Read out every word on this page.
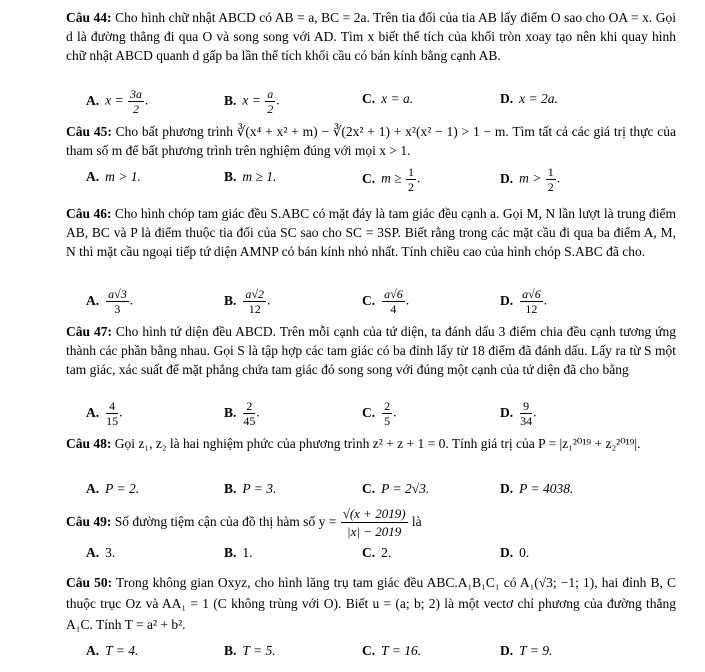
Câu 44: Cho hình chữ nhật ABCD có AB = a, BC = 2a. Trên tia đối của tia AB lấy điểm O sao cho OA = x. Gọi d là đường thẳng đi qua O và song song với AD. Tìm x biết thể tích của khối tròn xoay tạo nên khi quay hình chữ nhật ABCD quanh d gấp ba lần thể tích khối cầu có bán kính bằng cạnh AB.
A. $x = \frac{3a}{2}$ .	B. $x = \frac{a}{2}$ .	C. x = a.	D. x = 2a.
Câu 45: Cho bất phương trình ∛(x⁴ + x² + m) − ∛(2x² + 1) + x²(x² − 1) > 1 − m. Tìm tất cả các giá trị thực của tham số m để bất phương trình trên nghiệm đúng với mọi x > 1.
A. m > 1.	B. m ≥ 1.	C. $m \ge \frac{1}{2}$ .	D. $m > \frac{1}{2}$ .
Câu 46: Cho hình chóp tam giác đều S.ABC có mặt đáy là tam giác đều cạnh a. Gọi M, N lần lượt là trung điểm AB, BC và P là điểm thuộc tia đối của SC sao cho SC = 3SP. Biết rằng trong các mặt cầu đi qua ba điểm A, M, N thì mặt cầu ngoại tiếp tứ diện AMNP có bán kính nhỏ nhất. Tính chiều cao của hình chóp S.ABC đã cho.
A. $\frac{a√3}{3}$ .	B. $\frac{a√2}{12}$ .	C. $\frac{a√6}{4}$ .	D. $\frac{a√6}{12}$ .
Câu 47: Cho hình tứ diện đều ABCD. Trên mỗi cạnh của tứ diện, ta đánh dấu 3 điểm chia đều cạnh tương ứng thành các phần bằng nhau. Gọi S là tập hợp các tam giác có ba đỉnh lấy từ 18 điểm đã đánh dấu. Lấy ra từ S một tam giác, xác suất để mặt phẳng chứa tam giác đó song song với đúng một cạnh của tứ diện đã cho bằng
A. $\frac{4}{15}$ .	B. $\frac{2}{45}$ .	C. $\frac{2}{5}$ .	D. $\frac{9}{34}$ .
Câu 48: Gọi z₁, z₂ là hai nghiệm phức của phương trình z² + z + 1 = 0. Tính giá trị của P = |z₁²⁰¹⁹ + z₂²⁰¹⁹|.
A. P = 2.	B. P = 3.	C. P = 2√3.	D. P = 4038.
Câu 49: Số đường tiệm cận của đồ thị hàm số $y = \frac{√(x + 2019)}{|x| - 2019}$ là
A. 3.	B. 1.	C. 2.	D. 0.
Câu 50: Trong không gian Oxyz, cho hình lăng trụ tam giác đều ABC.A₁B₁C₁ có A₁(√3; −1; 1), hai đỉnh B, C thuộc trục Oz và AA₁ = 1 (C không trùng với O). Biết u = (a; b; 2) là một vectơ chỉ phương của đường thẳng A₁C. Tính T = a² + b².
A. T = 4.	B. T = 5.	C. T = 16.	D. T = 9.
